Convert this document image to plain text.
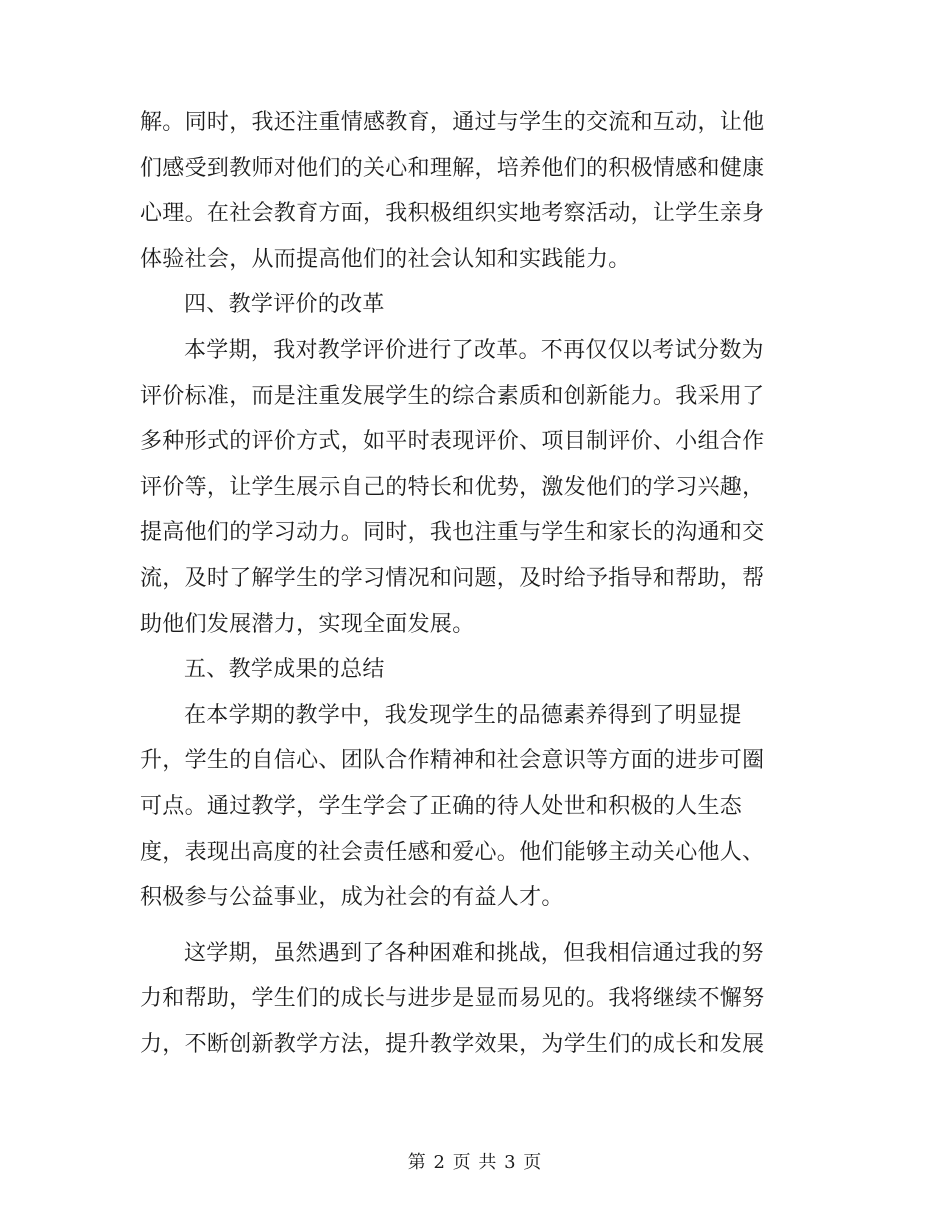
解。同时，我还注重情感教育，通过与学生的交流和互动，让他
们感受到教师对他们的关心和理解，培养他们的积极情感和健康
心理。在社会教育方面，我积极组织实地考察活动，让学生亲身
体验社会，从而提高他们的社会认知和实践能力。
四、教学评价的改革
本学期，我对教学评价进行了改革。不再仅仅以考试分数为
评价标准，而是注重发展学生的综合素质和创新能力。我采用了
多种形式的评价方式，如平时表现评价、项目制评价、小组合作
评价等，让学生展示自己的特长和优势，激发他们的学习兴趣，
提高他们的学习动力。同时，我也注重与学生和家长的沟通和交
流，及时了解学生的学习情况和问题，及时给予指导和帮助，帮
助他们发展潜力，实现全面发展。
五、教学成果的总结
在本学期的教学中，我发现学生的品德素养得到了明显提
升，学生的自信心、团队合作精神和社会意识等方面的进步可圈
可点。通过教学，学生学会了正确的待人处世和积极的人生态
度，表现出高度的社会责任感和爱心。他们能够主动关心他人、
积极参与公益事业，成为社会的有益人才。
这学期，虽然遇到了各种困难和挑战，但我相信通过我的努
力和帮助，学生们的成长与进步是显而易见的。我将继续不懈努
力，不断创新教学方法，提升教学效果，为学生们的成长和发展
第 2 页 共 3 页
